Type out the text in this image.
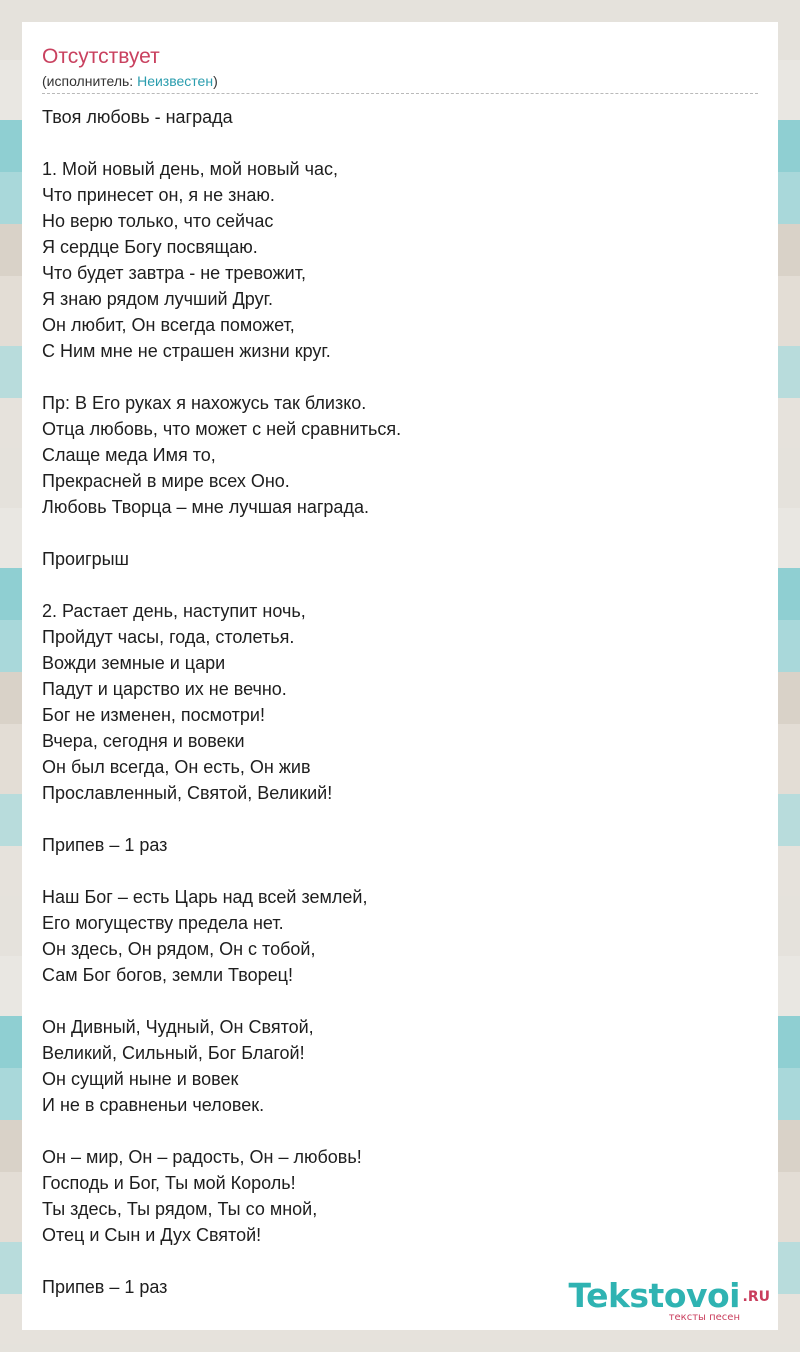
Отсутствует
(исполнитель: Неизвестен)
Твоя любовь - награда

1. Мой новый день, мой новый час,
Что принесет он, я не знаю.
Но верю только, что сейчас
Я сердце Богу посвящаю.
Что будет завтра - не тревожит,
Я знаю рядом лучший Друг.
Он любит, Он всегда поможет,
С Ним мне не страшен жизни круг.

Пр: В Его руках я нахожусь так близко.
Отца любовь, что может с ней сравниться.
Слаще меда Имя то,
Прекрасней в мире всех Оно.
Любовь Творца – мне лучшая награда.

Проигрыш

2. Растает день, наступит ночь,
Пройдут часы, года, столетья.
Вожди земные и цари
Падут и царство их не вечно.
Бог не изменен, посмотри!
Вчера, сегодня и вовеки
Он был всегда, Он есть, Он жив
Прославленный, Святой, Великий!

Припев – 1 раз

Наш Бог – есть Царь над всей землей,
Его могуществу предела нет.
Он здесь, Он рядом, Он с тобой,
Сам Бог богов, земли Творец!

Он Дивный, Чудный, Он Святой,
Великий, Сильный, Бог Благой!
Он сущий ныне и вовек
И не в сравненьи человек.

Он – мир, Он – радость, Он – любовь!
Господь и Бог, Ты мой Король!
Ты здесь, Ты рядом, Ты со мной,
Отец и Сын и Дух Святой!

Припев – 1 раз	Tekstovoi .RU
тексты песен
